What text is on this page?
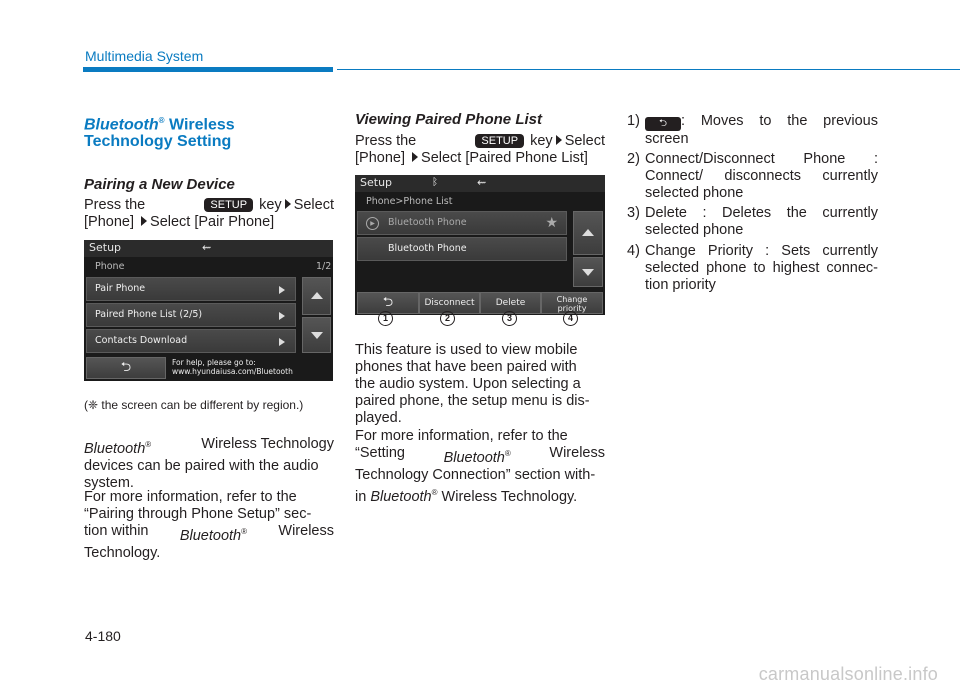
Multimedia System
Bluetooth® Wireless
Technology Setting
Pairing a New Device
Press the	SETUP key Select
[Phone] Select [Pair Phone]
Setup	⇜
Phone	1/2
Pair Phone
Paired Phone List (2/5)
Contacts Download
⮌	For help, please go to:
www.hyundaiusa.com/Bluetooth
(❈ the screen can be different by region.)
Bluetooth®	Wireless Technology
devices can be paired with the audio
system.
For more information, refer to the
“Pairing through Phone Setup” sec-
tion within Bluetooth® Wireless
Technology.
Viewing Paired Phone List
Press the	SETUP key Select
[Phone] Select [Paired Phone List]
Setup	ᛒ	⇜
Phone>Phone List
▶	Bluetooth Phone	★
Bluetooth Phone
⮌	Disconnect	Delete	Change priority
1	2	3	4
This feature is used to view mobile
phones that have been paired with
the audio system. Upon selecting a
paired phone, the setup menu is dis-
played.
For more information, refer to the
“Setting	Bluetooth®	Wireless
Technology Connection” section with-
in Bluetooth® Wireless Technology.
1)	⮌ : Moves to the previous screen
2) Connect/Disconnect Phone : Connect/ disconnects currently selected phone
3) Delete : Deletes the currently selected phone
4) Change Priority : Sets currently selected phone to highest connec- tion priority
4-180
carmanualsonline.info
